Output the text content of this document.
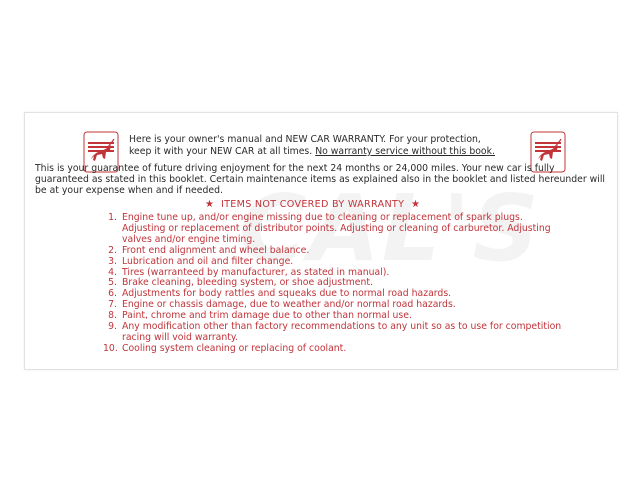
Here is your owner's manual and NEW CAR WARRANTY. For your protection,
keep it with your NEW CAR at all times. No warranty service without this book.
This is your guarantee of future driving enjoyment for the next 24 months or 24,000 miles. Your new car is fully guaranteed as stated in this booklet. Certain maintenance items as explained also in the booklet and listed hereunder will be at your expense when and if needed.
★ ITEMS NOT COVERED BY WARRANTY ★
1. Engine tune up, and/or engine missing due to cleaning or replacement of spark plugs. Adjusting or replacement of distributor points. Adjusting or cleaning of carburetor. Adjusting valves and/or engine timing.
2. Front end alignment and wheel balance.
3. Lubrication and oil and filter change.
4. Tires (warranteed by manufacturer, as stated in manual).
5. Brake cleaning, bleeding system, or shoe adjustment.
6. Adjustments for body rattles and squeaks due to normal road hazards.
7. Engine or chassis damage, due to weather and/or normal road hazards.
8. Paint, chrome and trim damage due to other than normal use.
9. Any modification other than factory recommendations to any unit so as to use for competition racing will void warranty.
10. Cooling system cleaning or replacing of coolant.
